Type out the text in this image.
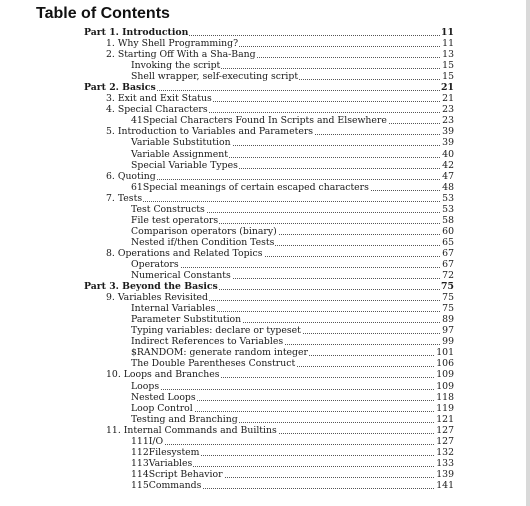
Table of Contents
Part 1. Introduction	11
1. Why Shell Programming?	11
2. Starting Off With a Sha-Bang	13
Invoking the script	15
Shell wrapper, self-executing script	15
Part 2. Basics	21
3. Exit and Exit Status	21
4. Special Characters	23
41Special Characters Found In Scripts and Elsewhere	23
5. Introduction to Variables and Parameters	39
Variable Substitution	39
Variable Assignment	40
Special Variable Types	42
6. Quoting	47
61Special meanings of certain escaped characters	48
7. Tests	53
Test Constructs	53
File test operators	58
Comparison operators (binary)	60
Nested if/then Condition Tests	65
8. Operations and Related Topics	67
Operators	67
Numerical Constants	72
Part 3. Beyond the Basics	75
9. Variables Revisited	75
Internal Variables	75
Parameter Substitution	89
Typing variables: declare or typeset	97
Indirect References to Variables	99
$RANDOM: generate random integer	101
The Double Parentheses Construct	106
10. Loops and Branches	109
Loops	109
Nested Loops	118
Loop Control	119
Testing and Branching	121
11. Internal Commands and Builtins	127
111I/O	127
112Filesystem	132
113Variables	133
114Script Behavior	139
115Commands	141
